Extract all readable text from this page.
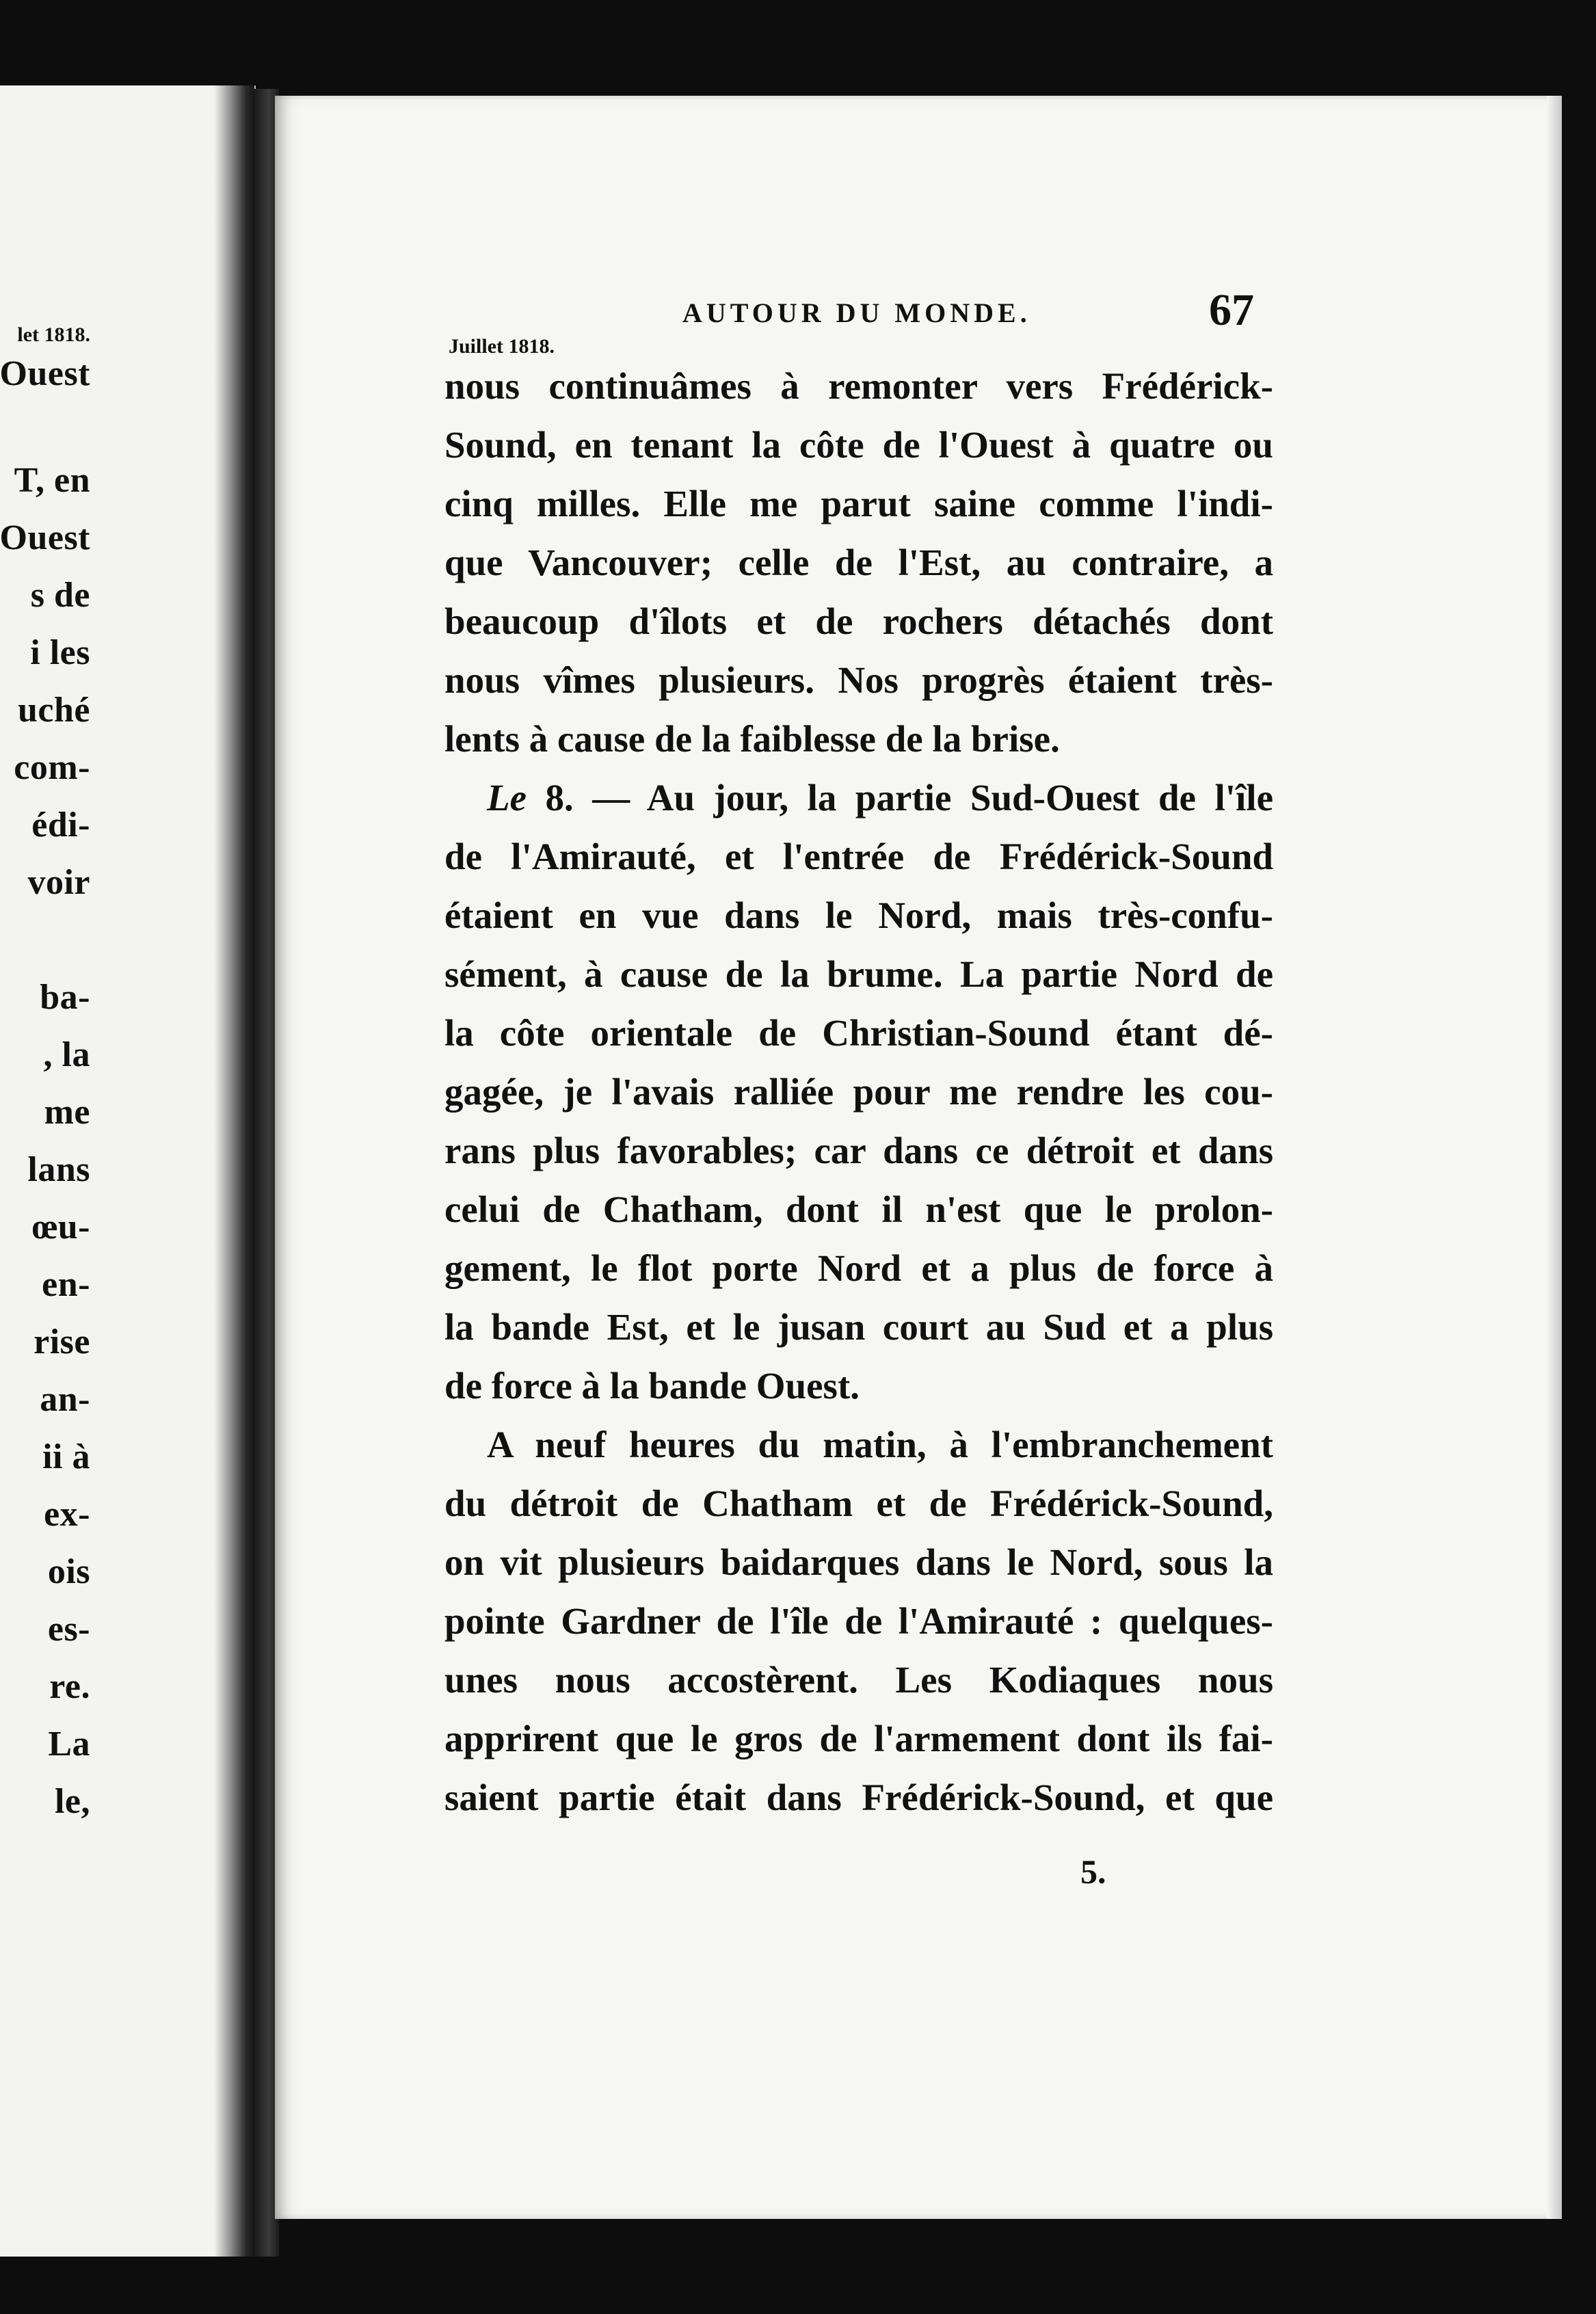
let 1818.
Ouest
T, en
Ouest
s de
i les
uché
com-
édi-
voir
ba-
, la
me
lans
œu-
en-
rise
an-
ii à
ex-
ois
es-
re.
La
le,
AUTOUR DU MONDE.	67
Juillet 1818.
nous continuâmes à remonter vers Frédérick-
Sound, en tenant la côte de l'Ouest à quatre ou
cinq milles. Elle me parut saine comme l'indi-
que Vancouver; celle de l'Est, au contraire, a
beaucoup d'îlots et de rochers détachés dont
nous vîmes plusieurs. Nos progrès étaient très-
lents à cause de la faiblesse de la brise.
Le 8. — Au jour, la partie Sud-Ouest de l'île
de l'Amirauté, et l'entrée de Frédérick-Sound
étaient en vue dans le Nord, mais très-confu-
sément, à cause de la brume. La partie Nord de
la côte orientale de Christian-Sound étant dé-
gagée, je l'avais ralliée pour me rendre les cou-
rans plus favorables; car dans ce détroit et dans
celui de Chatham, dont il n'est que le prolon-
gement, le flot porte Nord et a plus de force à
la bande Est, et le jusan court au Sud et a plus
de force à la bande Ouest.
A neuf heures du matin, à l'embranchement
du détroit de Chatham et de Frédérick-Sound,
on vit plusieurs baidarques dans le Nord, sous la
pointe Gardner de l'île de l'Amirauté : quelques-
unes nous accostèrent. Les Kodiaques nous
apprirent que le gros de l'armement dont ils fai-
saient partie était dans Frédérick-Sound, et que
5.
